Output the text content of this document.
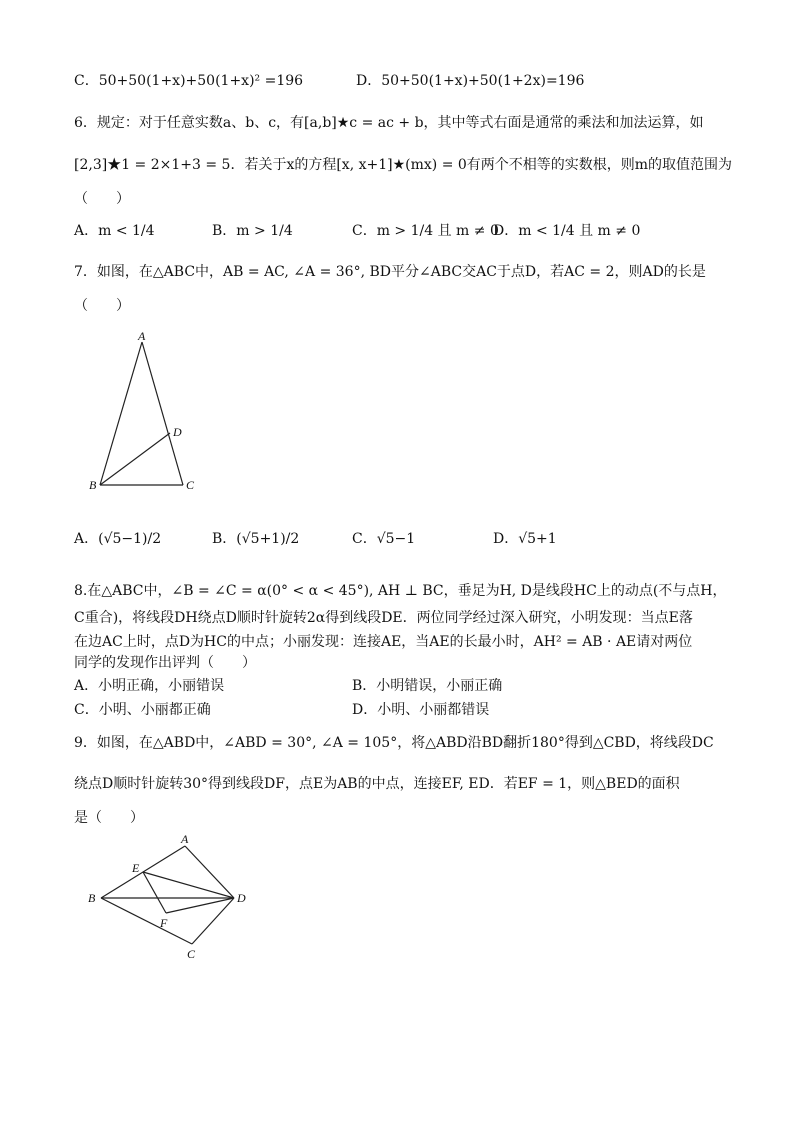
C．50+50(1+x)+50(1+x)² =196	D．50+50(1+x)+50(1+2x)=196
6．规定：对于任意实数a、b、c，有[a,b]★c = ac + b，其中等式右面是通常的乘法和加法运算，如
[2,3]★1 = 2×1+3 = 5．若关于x的方程[x, x+1]★(mx) = 0有两个不相等的实数根，则m的取值范围为
（　　）
A．m < 1/4	B．m > 1/4	C．m > 1/4 且 m ≠ 0
D．m < 1/4 且 m ≠ 0
7．如图，在△ABC中，AB = AC, ∠A = 36°, BD平分∠ABC交AC于点D，若AC = 2，则AD的长是
（　　）
A
B	C
D
A．(√5−1)/2	B．(√5+1)/2	C．√5−1	D．√5+1
8.在△ABC中，∠B = ∠C = α(0° < α < 45°), AH ⊥ BC，垂足为H, D是线段HC上的动点(不与点H，
C重合)，将线段DH绕点D顺时针旋转2α得到线段DE．两位同学经过深入研究，小明发现：当点E落
在边AC上时，点D为HC的中点；小丽发现：连接AE，当AE的长最小时，AH² = AB · AE请对两位
同学的发现作出评判（　　）
A．小明正确，小丽错误	B．小明错误，小丽正确
C．小明、小丽都正确	D．小明、小丽都错误
9．如图，在△ABD中，∠ABD = 30°, ∠A = 105°，将△ABD沿BD翻折180°得到△CBD，将线段DC
绕点D顺时针旋转30°得到线段DF，点E为AB的中点，连接EF, ED．若EF = 1，则△BED的面积
是（　　）
A
B
C
D
E
F
